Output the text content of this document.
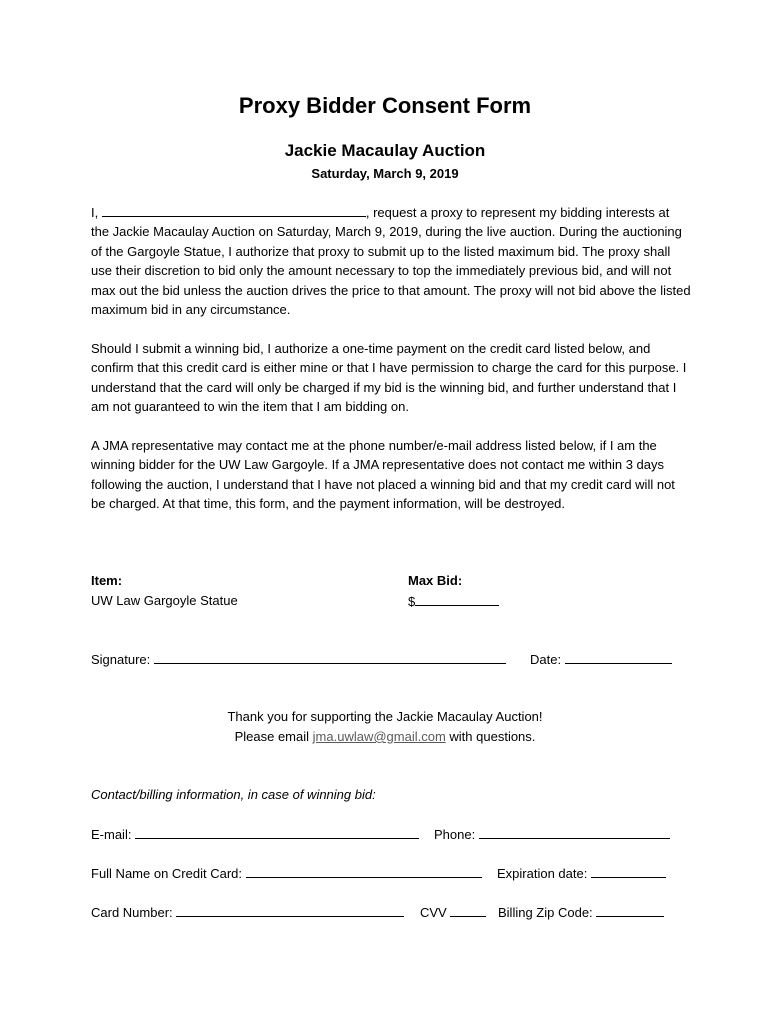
Proxy Bidder Consent Form
Jackie Macaulay Auction
Saturday, March 9, 2019
I,	, request a proxy to represent my bidding interests at the Jackie Macaulay Auction on Saturday, March 9, 2019, during the live auction. During the auctioning of the Gargoyle Statue, I authorize that proxy to submit up to the listed maximum bid. The proxy shall use their discretion to bid only the amount necessary to top the immediately previous bid, and will not max out the bid unless the auction drives the price to that amount. The proxy will not bid above the listed maximum bid in any circumstance.
Should I submit a winning bid, I authorize a one-time payment on the credit card listed below, and confirm that this credit card is either mine or that I have permission to charge the card for this purpose. I understand that the card will only be charged if my bid is the winning bid, and further understand that I am not guaranteed to win the item that I am bidding on.
A JMA representative may contact me at the phone number/e-mail address listed below, if I am the winning bidder for the UW Law Gargoyle. If a JMA representative does not contact me within 3 days following the auction, I understand that I have not placed a winning bid and that my credit card will not be charged. At that time, this form, and the payment information, will be destroyed.
Item:
UW Law Gargoyle Statue
Max Bid:
$
Signature:	Date:
Thank you for supporting the Jackie Macaulay Auction!
Please email jma.uwlaw@gmail.com with questions.
Contact/billing information, in case of winning bid:
E-mail:	Phone:
Full Name on Credit Card:	Expiration date:
Card Number:	CVV	Billing Zip Code:
